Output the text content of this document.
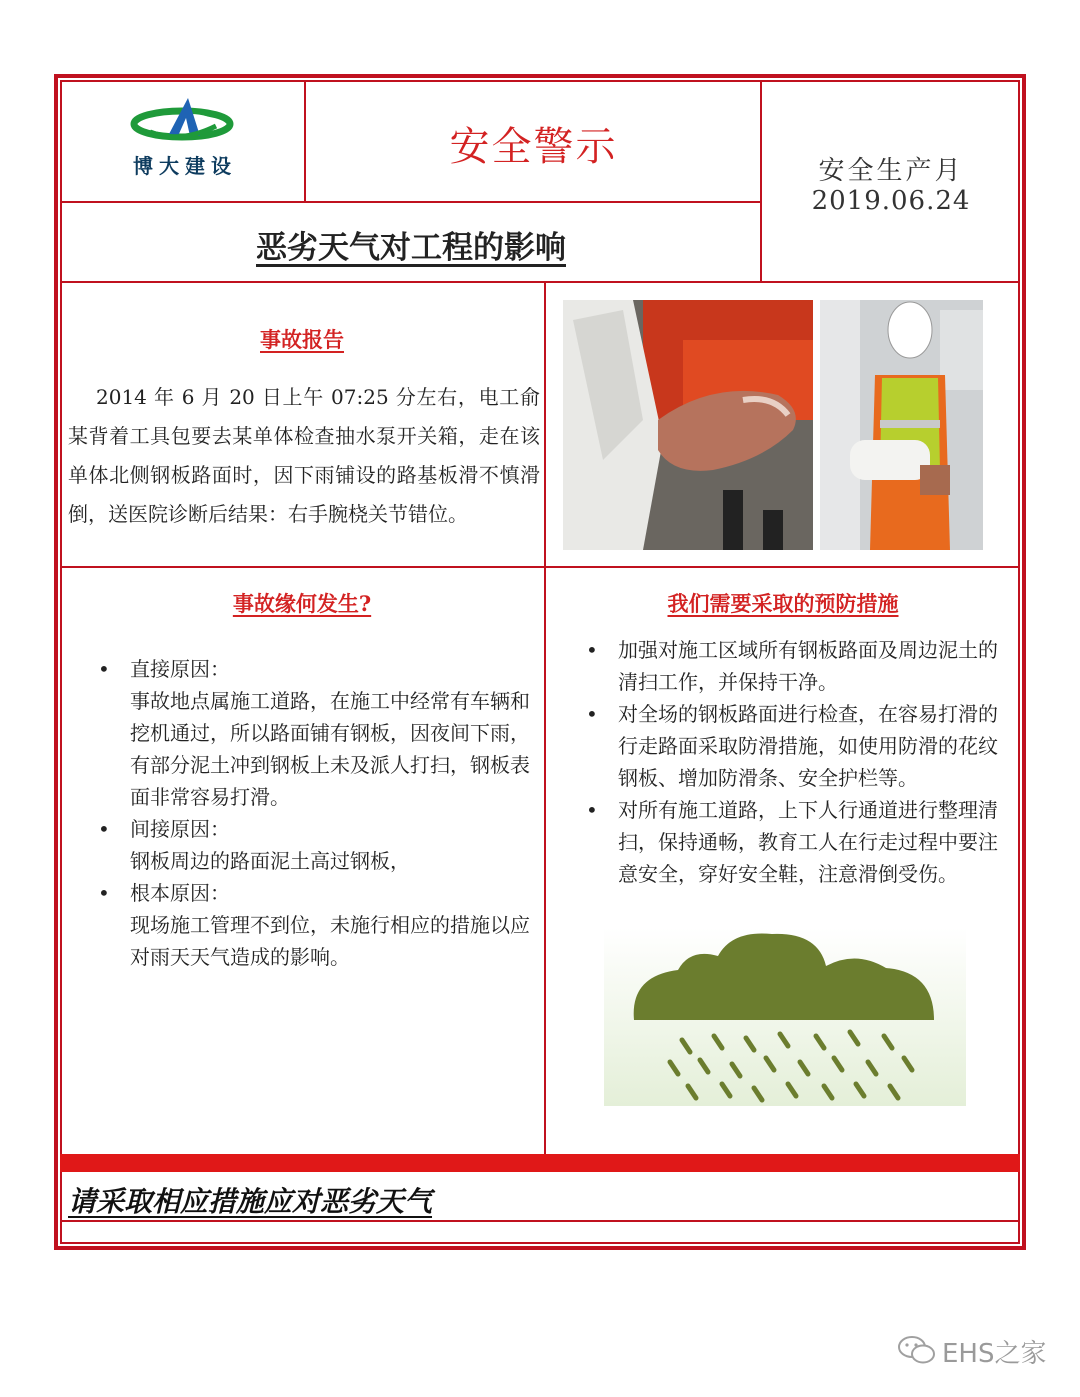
博大建设	安全警示
恶劣天气对工程的影响
安全生产月
2019.06.24
事故报告
2014 年 6 月 20 日上午 07:25 分左右，电工俞某背着工具包要去某单体检查抽水泵开关箱，走在该单体北侧钢板路面时，因下雨铺设的路基板滑不慎滑倒，送医院诊断后结果：右手腕桡关节错位。
事故缘何发生?
• 直接原因：
事故地点属施工道路，在施工中经常有车辆和挖机通过，所以路面铺有钢板，因夜间下雨，有部分泥土冲到钢板上未及派人打扫，钢板表面非常容易打滑。
• 间接原因：
钢板周边的路面泥土高过钢板，
• 根本原因：
现场施工管理不到位，未施行相应的措施以应对雨天天气造成的影响。
我们需要采取的预防措施
• 加强对施工区域所有钢板路面及周边泥土的清扫工作，并保持干净。
• 对全场的钢板路面进行检查，在容易打滑的行走路面采取防滑措施，如使用防滑的花纹钢板、增加防滑条、安全护栏等。
• 对所有施工道路，上下人行通道进行整理清扫，保持通畅，教育工人在行走过程中要注意安全，穿好安全鞋，注意滑倒受伤。
请采取相应措施应对恶劣天气
EHS之家
